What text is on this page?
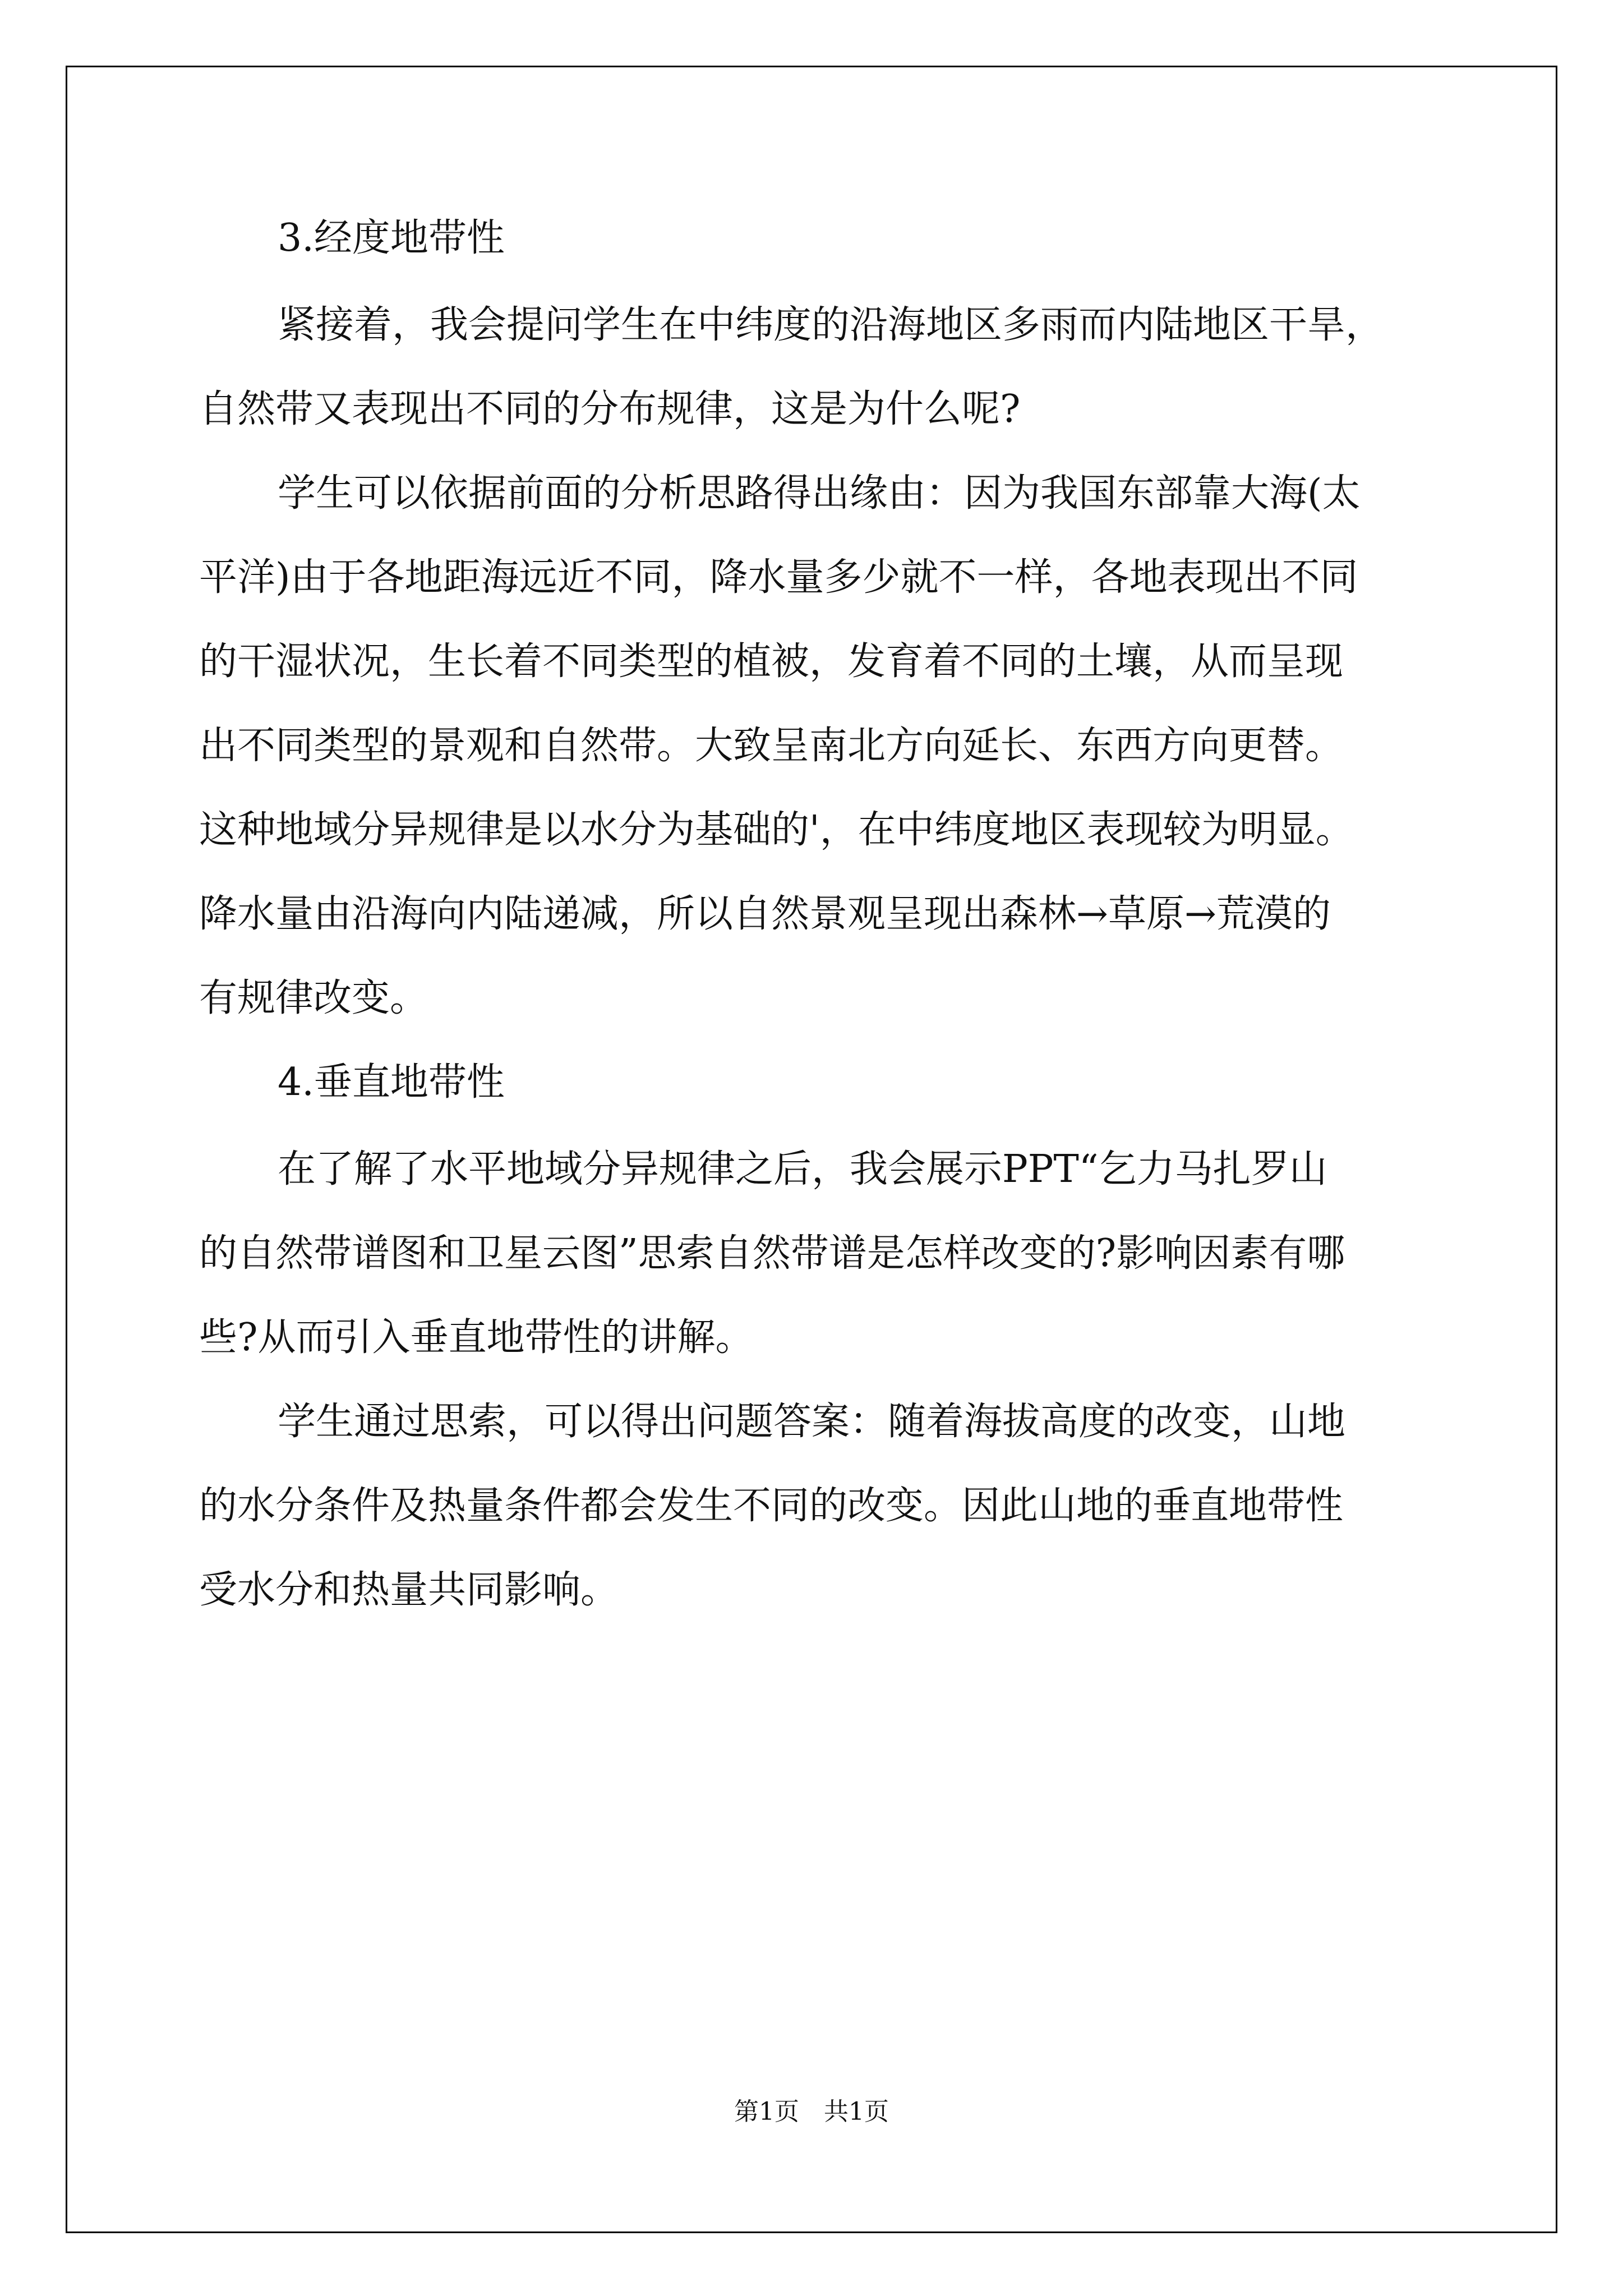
3.经度地带性
紧接着，我会提问学生在中纬度的沿海地区多雨而内陆地区干旱，
自然带又表现出不同的分布规律，这是为什么呢?
学生可以依据前面的分析思路得出缘由：因为我国东部靠大海(太
平洋)由于各地距海远近不同，降水量多少就不一样，各地表现出不同
的干湿状况，生长着不同类型的植被，发育着不同的土壤，从而呈现
出不同类型的景观和自然带。大致呈南北方向延长、东西方向更替。
这种地域分异规律是以水分为基础的'，在中纬度地区表现较为明显。
降水量由沿海向内陆递减，所以自然景观呈现出森林→草原→荒漠的
有规律改变。
4.垂直地带性
在了解了水平地域分异规律之后，我会展示PPT“乞力马扎罗山
的自然带谱图和卫星云图”思索自然带谱是怎样改变的?影响因素有哪
些?从而引入垂直地带性的讲解。
学生通过思索，可以得出问题答案：随着海拔高度的改变，山地
的水分条件及热量条件都会发生不同的改变。因此山地的垂直地带性
受水分和热量共同影响。
第1页　共1页
